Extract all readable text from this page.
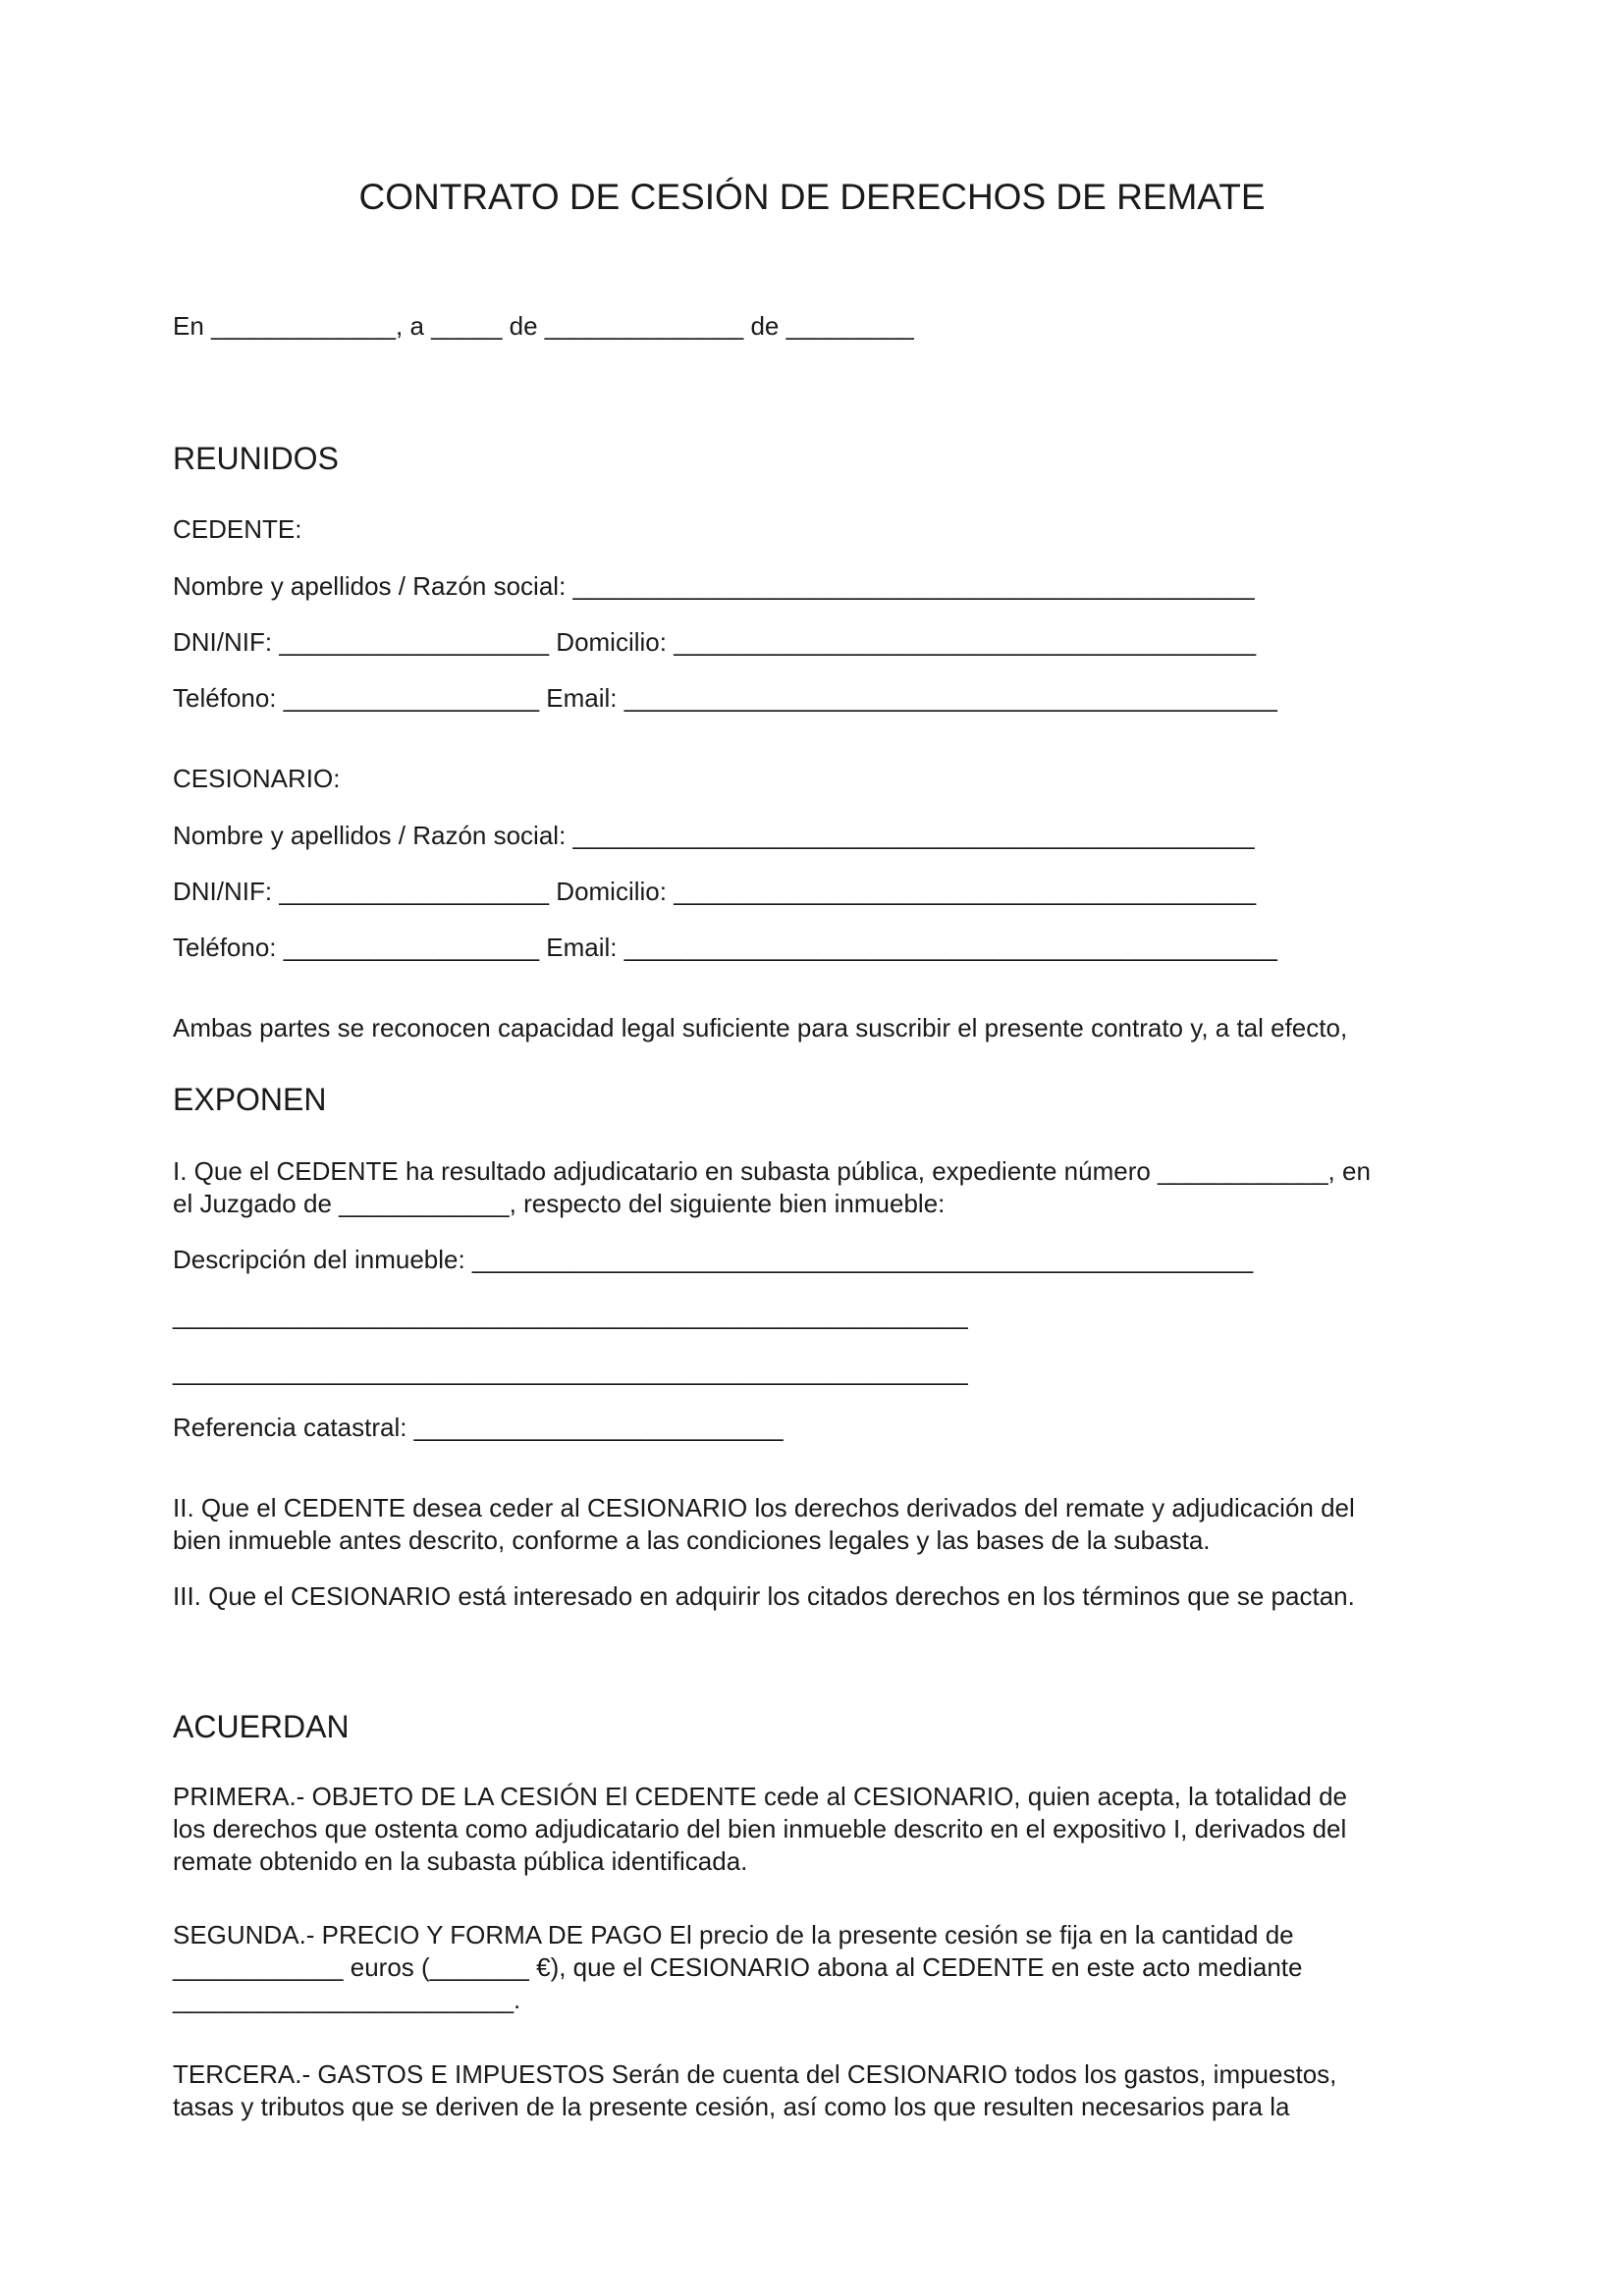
CONTRATO DE CESIÓN DE DERECHOS DE REMATE

En _____________, a _____ de ______________ de _________

REUNIDOS

CEDENTE:

Nombre y apellidos / Razón social: ________________________________________________

DNI/NIF: ___________________ Domicilio: _________________________________________

Teléfono: __________________ Email: ______________________________________________

CESIONARIO:

Nombre y apellidos / Razón social: ________________________________________________

DNI/NIF: ___________________ Domicilio: _________________________________________

Teléfono: __________________ Email: ______________________________________________

Ambas partes se reconocen capacidad legal suficiente para suscribir el presente contrato y, a tal efecto,

EXPONEN

I. Que el CEDENTE ha resultado adjudicatario en subasta pública, expediente número ____________, en

el Juzgado de ____________, respecto del siguiente bien inmueble:

Descripción del inmueble: _______________________________________________________

________________________________________________________

________________________________________________________

Referencia catastral: __________________________

II. Que el CEDENTE desea ceder al CESIONARIO los derechos derivados del remate y adjudicación del

bien inmueble antes descrito, conforme a las condiciones legales y las bases de la subasta.

III. Que el CESIONARIO está interesado en adquirir los citados derechos en los términos que se pactan.

ACUERDAN

PRIMERA.- OBJETO DE LA CESIÓN El CEDENTE cede al CESIONARIO, quien acepta, la totalidad de

los derechos que ostenta como adjudicatario del bien inmueble descrito en el expositivo I, derivados del

remate obtenido en la subasta pública identificada.

SEGUNDA.- PRECIO Y FORMA DE PAGO El precio de la presente cesión se fija en la cantidad de

____________ euros (_______ €), que el CESIONARIO abona al CEDENTE en este acto mediante

________________________.

TERCERA.- GASTOS E IMPUESTOS Serán de cuenta del CESIONARIO todos los gastos, impuestos,

tasas y tributos que se deriven de la presente cesión, así como los que resulten necesarios para la
